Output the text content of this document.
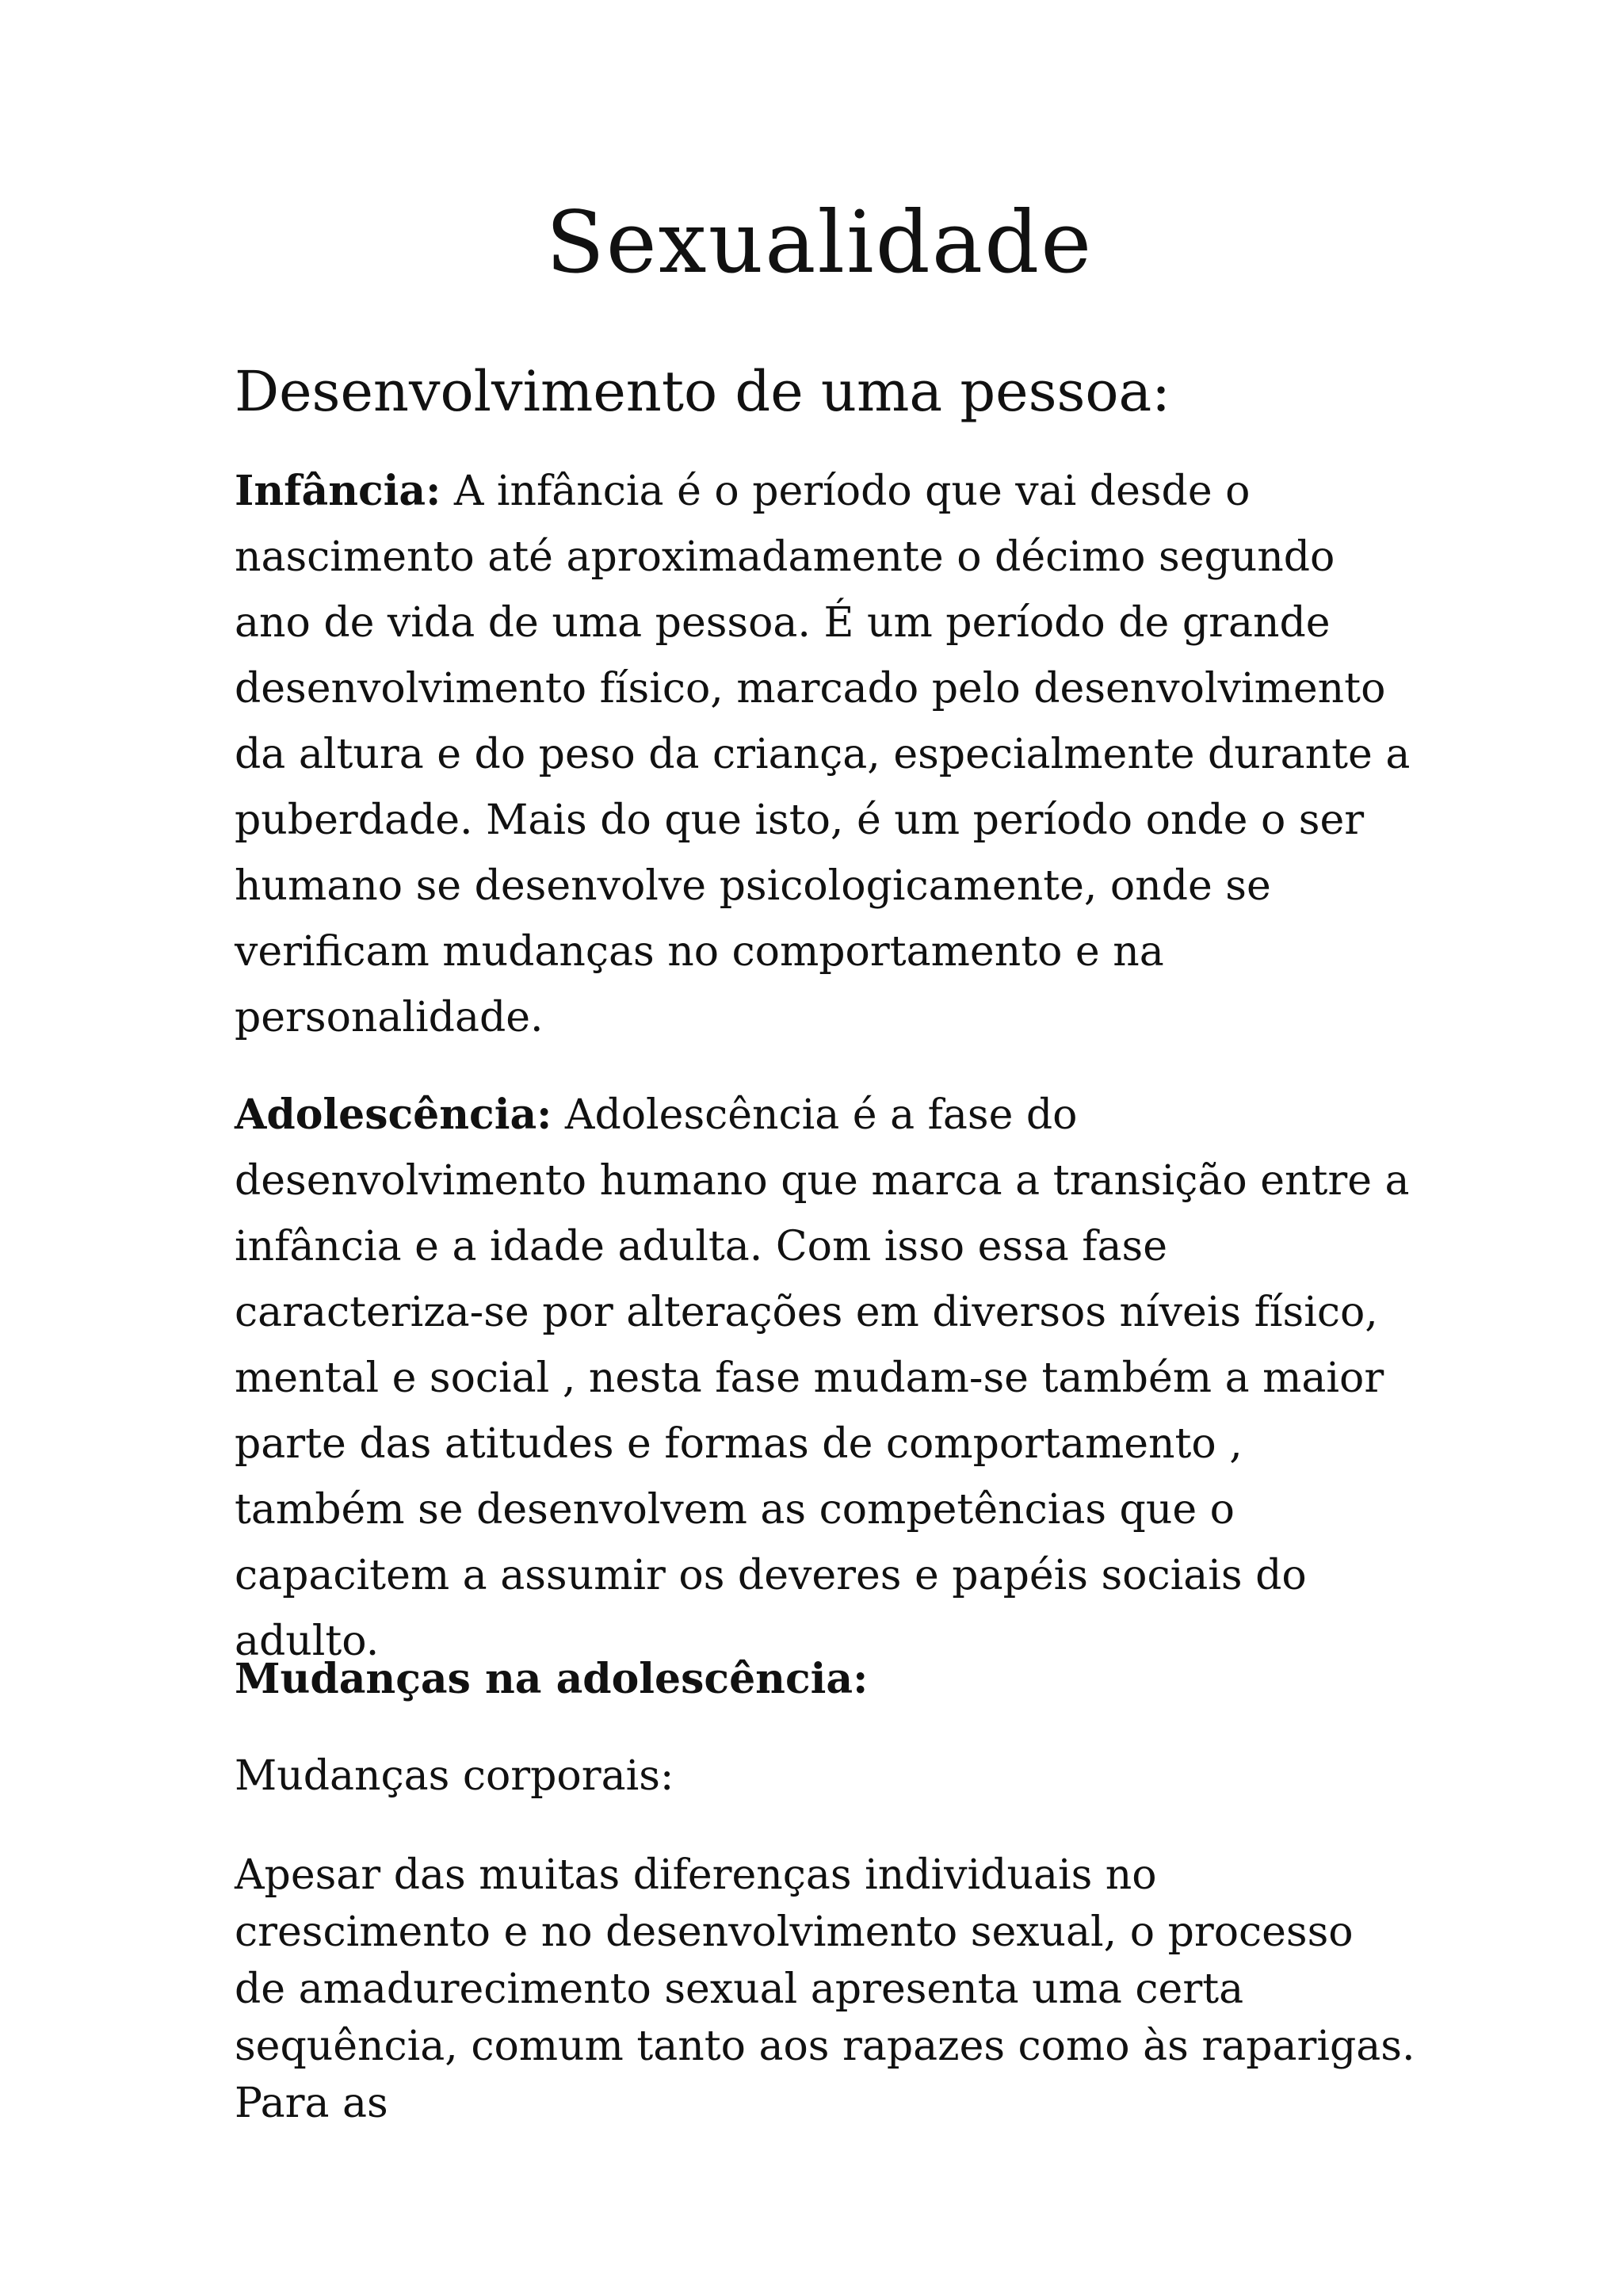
Sexualidade
Desenvolvimento de uma pessoa:

Infância: A infância é o período que vai desde o nascimento até aproximadamente o décimo segundo ano de vida de uma pessoa. É um período de grande desenvolvimento físico, marcado pelo desenvolvimento da altura e do peso da criança, especialmente durante a puberdade. Mais do que isto, é um período onde o ser humano se desenvolve psicologicamente, onde se verificam mudanças no comportamento e na personalidade.

Adolescência: Adolescência é a fase do desenvolvimento humano que marca a transição entre a infância e a idade adulta. Com isso essa fase caracteriza-se por alterações em diversos níveis físico, mental e social , nesta fase mudam-se também a maior parte das atitudes e formas de comportamento , também se desenvolvem as competências que o capacitem a assumir os deveres e papéis sociais do adulto.

Mudanças na adolescência:

Mudanças corporais:

Apesar das muitas diferenças individuais no crescimento e no desenvolvimento sexual, o processo de amadurecimento sexual apresenta uma certa sequência, comum tanto aos rapazes como às raparigas. Para as
